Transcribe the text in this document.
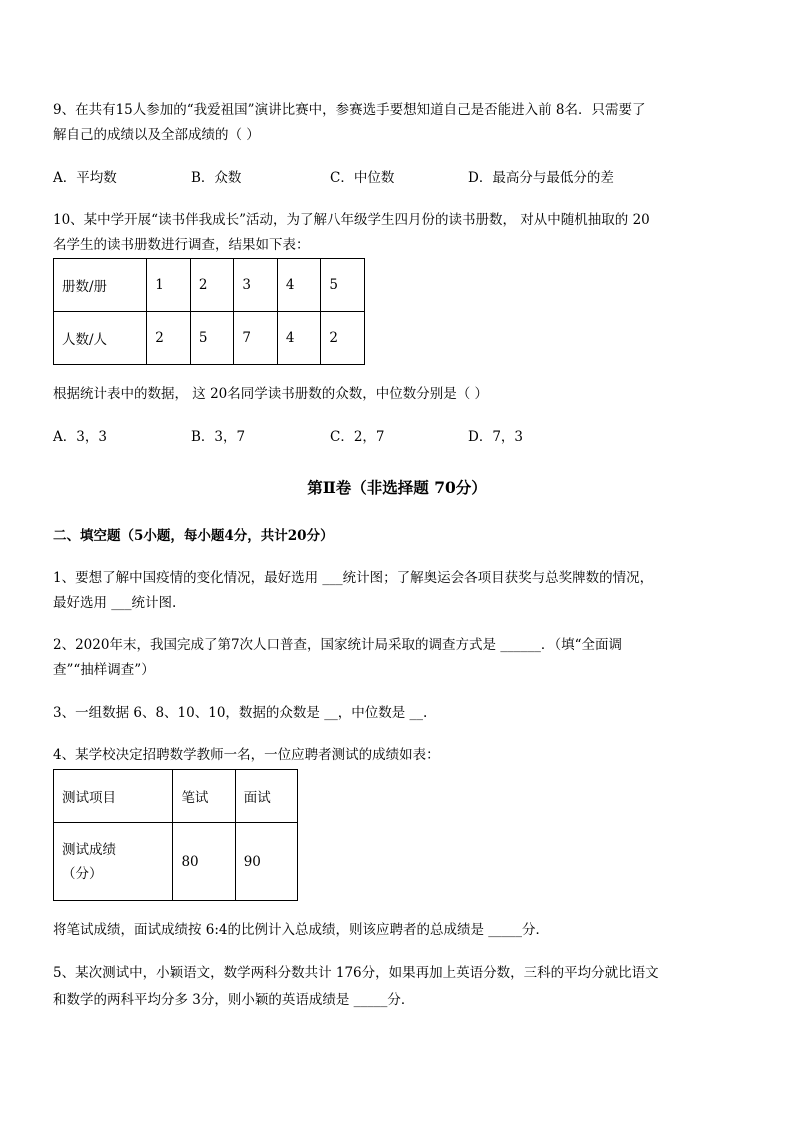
9、在共有15人参加的“我爱祖国”演讲比赛中，参赛选手要想知道自己是否能进入前 8名．只需要了
解自己的成绩以及全部成绩的（ ）
A．平均数	B．众数	C．中位数	D．最高分与最低分的差
10、某中学开展“读书伴我成长”活动，为了解八年级学生四月份的读书册数， 对从中随机抽取的 20
名学生的读书册数进行调查，结果如下表：
册数/册	1	2	3	4	5
人数/人	2	5	7	4	2
根据统计表中的数据， 这 20名同学读书册数的众数，中位数分别是（ ）
A．3，3	B．3，7	C．2，7	D．7，3
第Ⅱ卷（非选择题 70分）
二、填空题（5小题，每小题4分，共计20分）
1、要想了解中国疫情的变化情况，最好选用 ___统计图；了解奥运会各项目获奖与总奖牌数的情况，
最好选用 ___统计图.
2、2020年末，我国完成了第7次人口普查，国家统计局采取的调查方式是 ______．（填“全面调
查”“抽样调查”）
3、一组数据 6、8、10、10，数据的众数是 __，中位数是 __.
4、某学校决定招聘数学教师一名，一位应聘者测试的成绩如表：
测试项目	笔试	面试

测试成绩
（分）	80	90
将笔试成绩，面试成绩按 6:4的比例计入总成绩，则该应聘者的总成绩是 _____分．
5、某次测试中，小颖语文，数学两科分数共计 176分，如果再加上英语分数，三科的平均分就比语文
和数学的两科平均分多 3分，则小颖的英语成绩是 _____分．
